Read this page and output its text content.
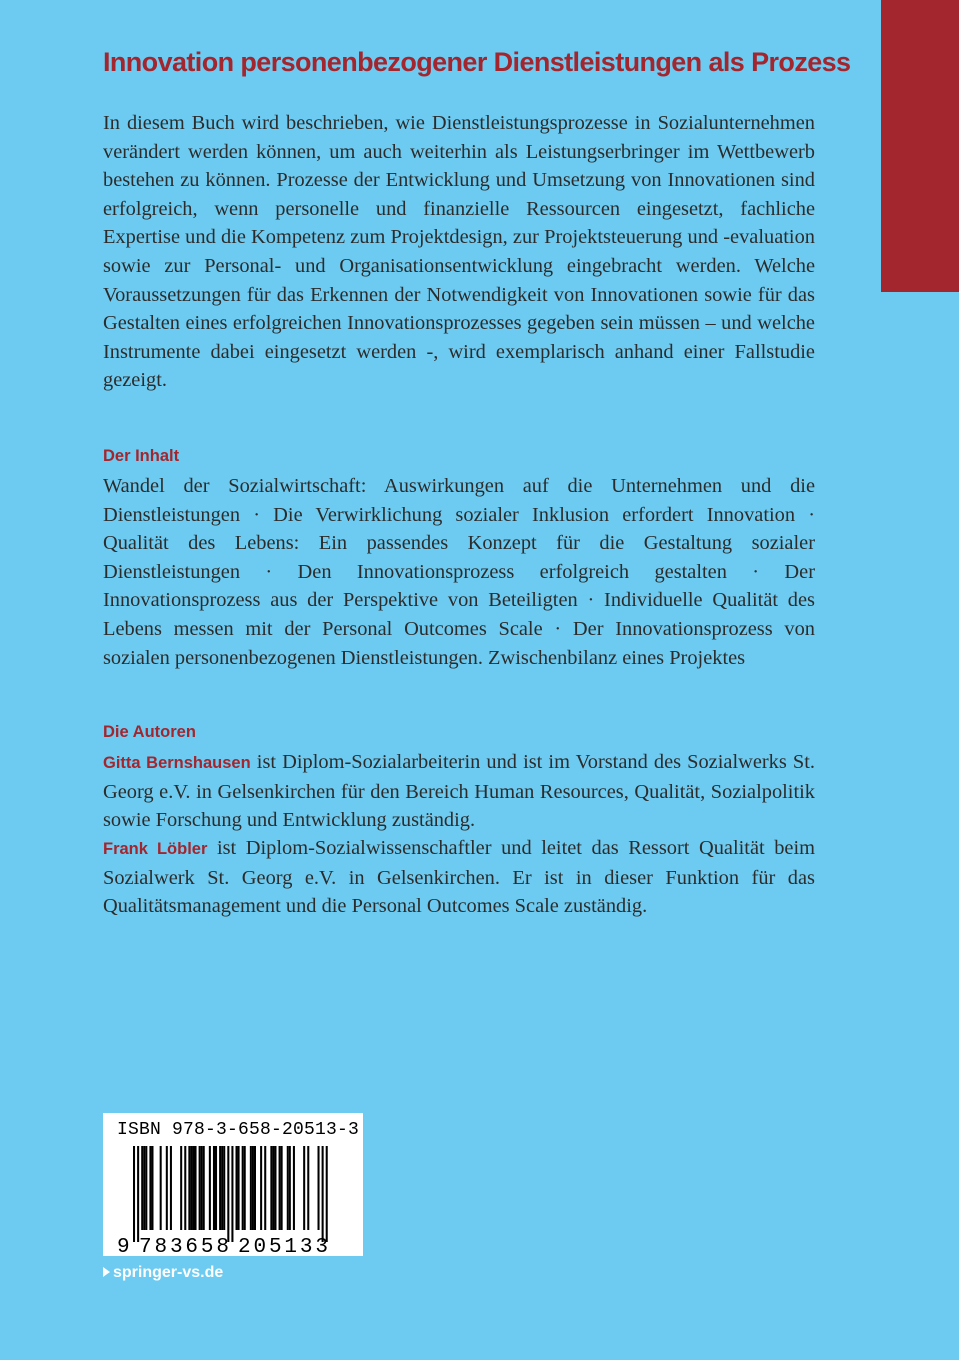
Innovation personenbezogener Dienstleistungen als Prozess

In diesem Buch wird beschrieben, wie Dienstleistungsprozesse in Sozialunternehmen verändert werden können, um auch weiterhin als Leistungserbringer im Wettbewerb bestehen zu können. Prozesse der Entwicklung und Umsetzung von Innovationen sind erfolgreich, wenn personelle und finanzielle Ressourcen eingesetzt, fachliche Expertise und die Kompetenz zum Projektdesign, zur Projektsteuerung und -evaluation sowie zur Personal- und Organisationsentwicklung eingebracht werden. Welche Voraussetzungen für das Erkennen der Notwendigkeit von Innovationen sowie für das Gestalten eines erfolgreichen Innovationsprozesses gegeben sein müssen – und welche Instrumente dabei eingesetzt werden -, wird exemplarisch anhand einer Fallstudie gezeigt.

Der Inhalt

Wandel der Sozialwirtschaft: Auswirkungen auf die Unternehmen und die Dienstleistungen · Die Verwirklichung sozialer Inklusion erfordert Innovation · Qualität des Lebens: Ein passendes Konzept für die Gestaltung sozialer Dienstleistungen · Den Innovationsprozess erfolgreich gestalten · Der Innovationsprozess aus der Perspektive von Beteiligten · Individuelle Qualität des Lebens messen mit der Personal Outcomes Scale · Der Innovationsprozess von sozialen personenbezogenen Dienstleistungen. Zwischenbilanz eines Projektes

Die Autoren

Gitta Bernshausen ist Diplom-Sozialarbeiterin und ist im Vorstand des Sozialwerks St. Georg e.V. in Gelsenkirchen für den Bereich Human Resources, Qualität, Sozialpolitik sowie Forschung und Entwicklung zuständig.

Frank Löbler ist Diplom-Sozialwissenschaftler und leitet das Ressort Qualität beim Sozialwerk St. Georg e.V. in Gelsenkirchen. Er ist in dieser Funktion für das Qualitätsmanagement und die Personal Outcomes Scale zuständig.

ISBN 978-3-658-20513-3
9 783658 205133
springer-vs.de
